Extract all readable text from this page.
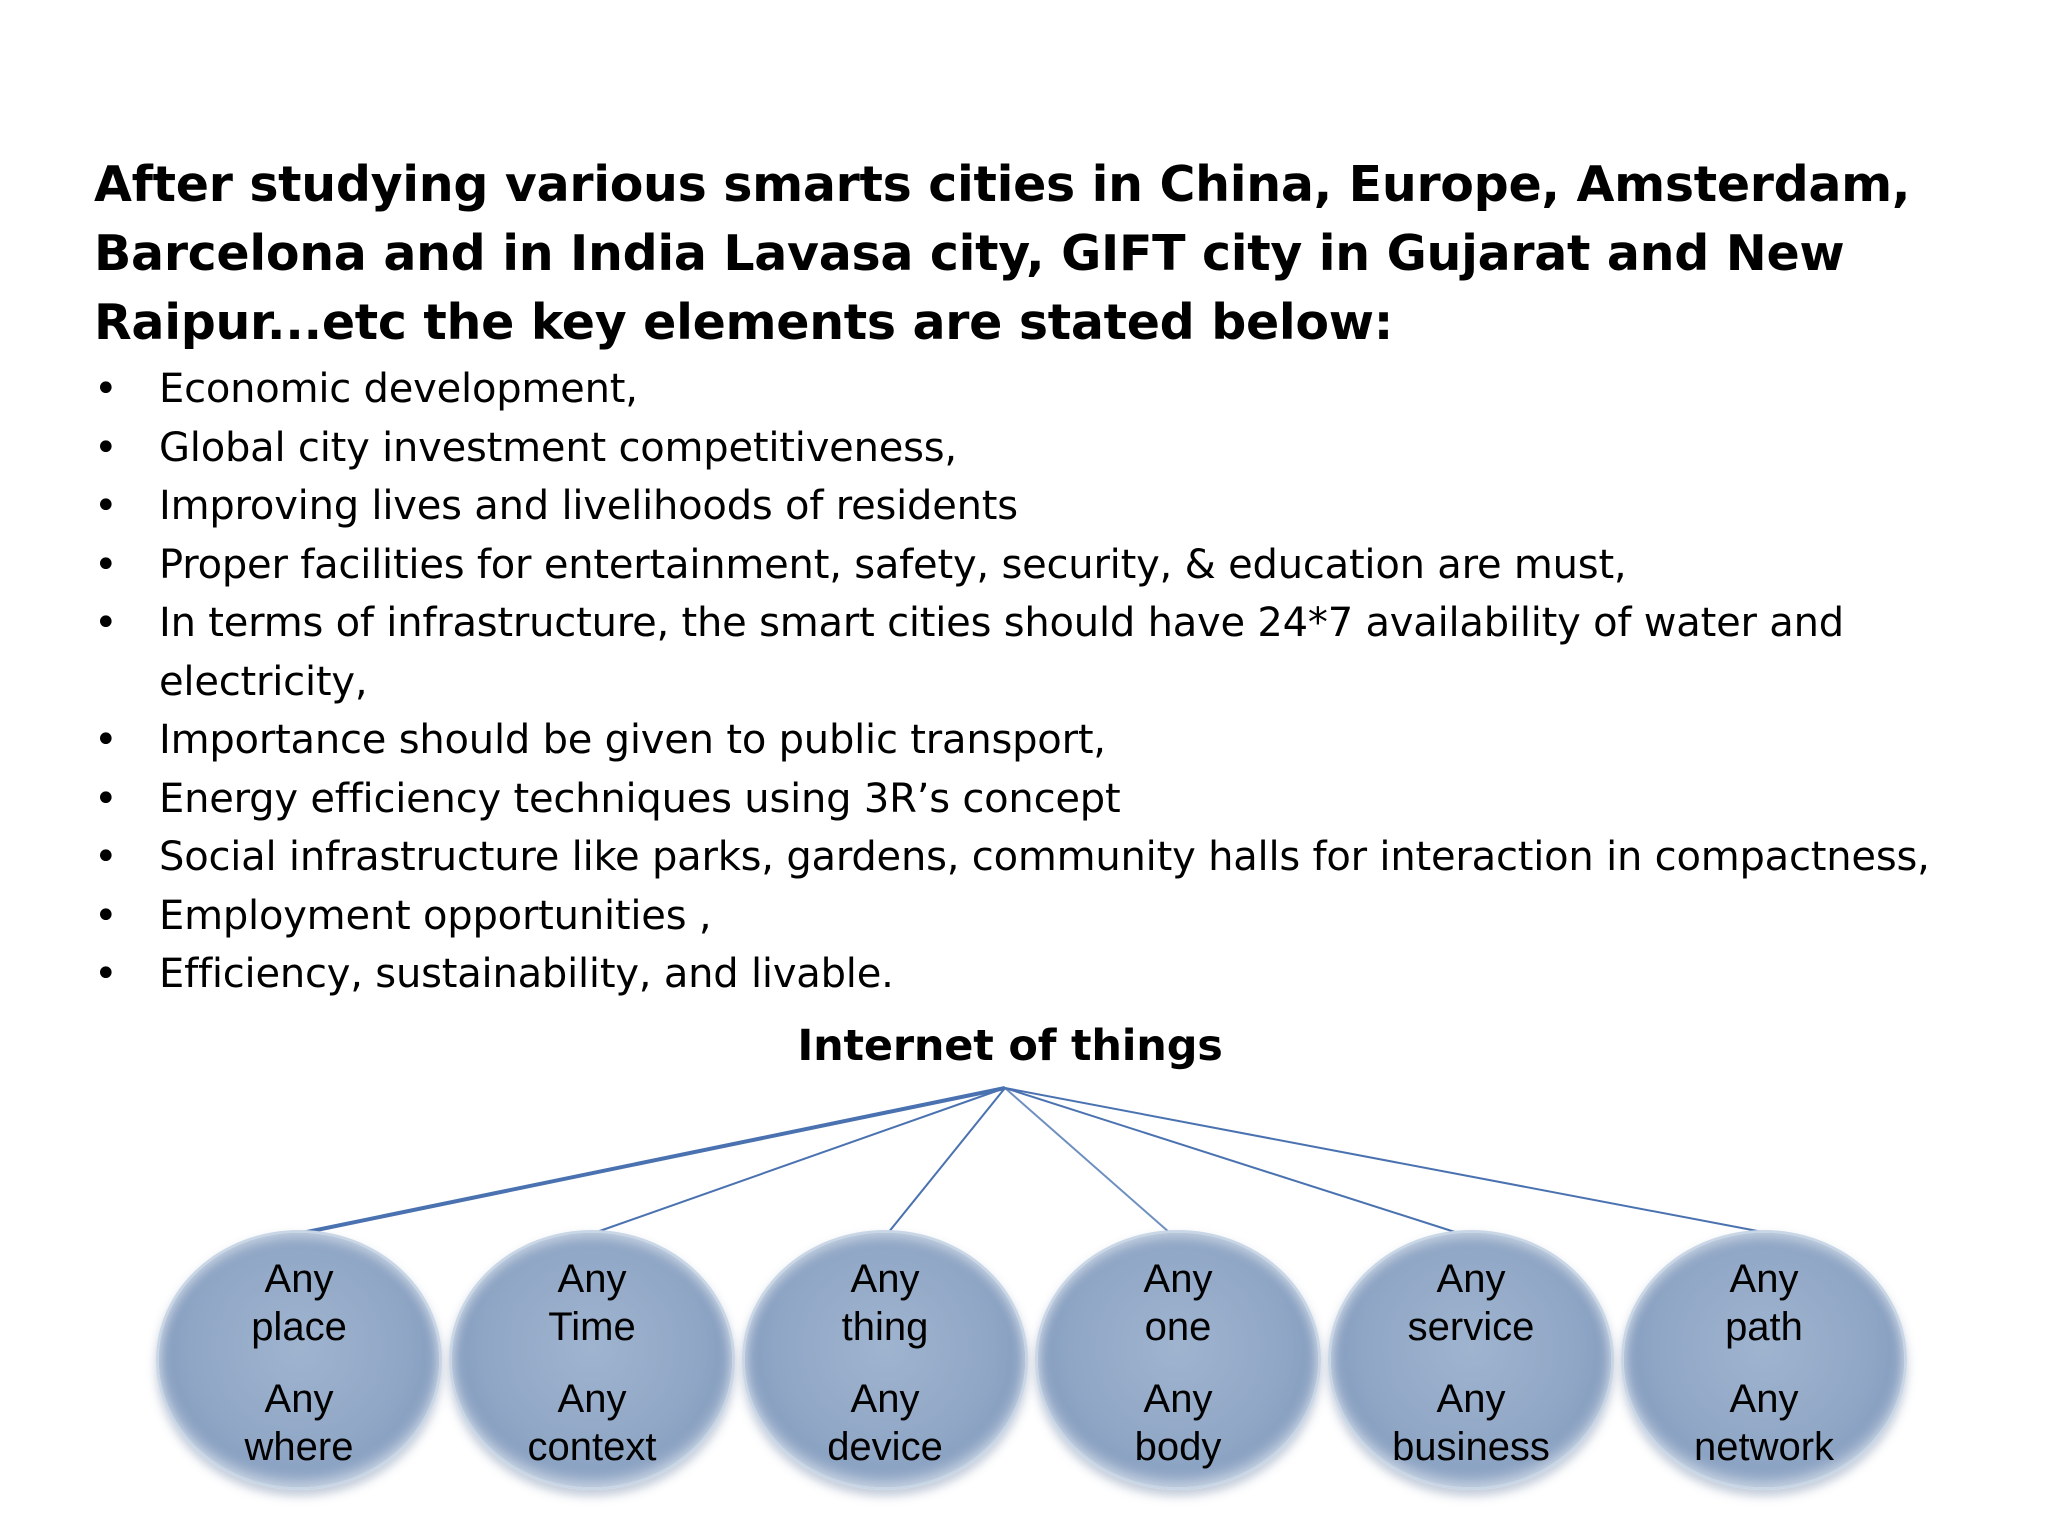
After studying various smarts cities in China, Europe, Amsterdam, Barcelona and in India Lavasa city, GIFT city in Gujarat and New Raipur...etc the key elements are stated below:

• Economic development,
• Global city investment competitiveness,
• Improving lives and livelihoods of residents
• Proper facilities for entertainment, safety, security, & education are must,
• In terms of infrastructure, the smart cities should have 24*7 availability of water and electricity,
• Importance should be given to public transport,
• Energy efficiency techniques using 3R’s concept
• Social infrastructure like parks, gardens, community halls for interaction in compactness,
• Employment opportunities ,
• Efficiency, sustainability, and livable.
Internet of things
Any
place
Any
where
Any
Time
Any
context
Any
thing
Any
device
Any
one
Any
body
Any
service
Any
business
Any
path
Any
network
